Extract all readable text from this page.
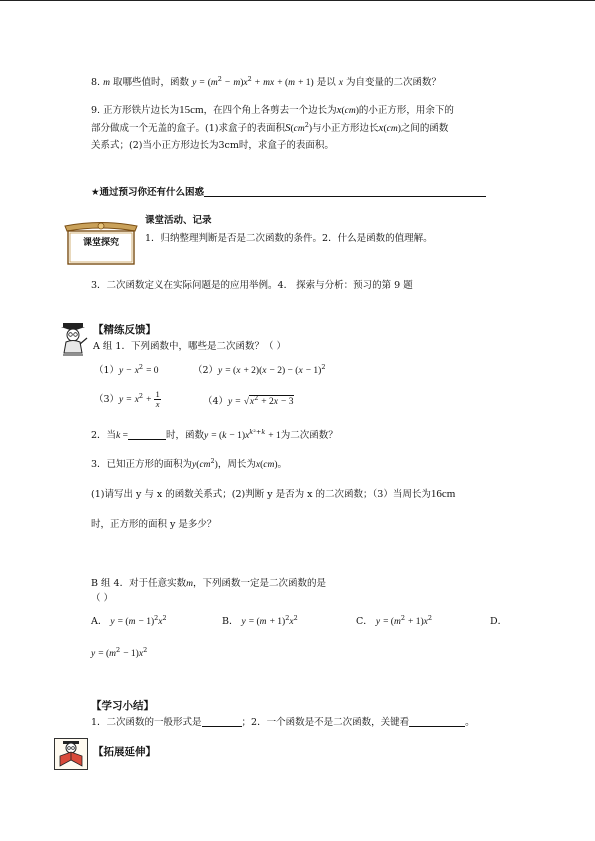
8. m 取哪些值时，函数 $y = (m^2 - m)x^2$ + mx + (m + 1) 是以 x 为自变量的二次函数？
9. 正方形铁片边长为15cm，在四个角上各剪去一个边长为x(cm)的小正方形，用余下的
部分做成一个无盖的盒子。(1)求盒子的表面积$S(cm^2)$与小正方形边长x(cm)之间的函数
关系式；(2)当小正方形边长为3cm时，求盒子的表面积。
★通过预习你还有什么困惑
课堂探究
课堂活动、记录
1．归纳整理判断是否是二次函数的条件。2．什么是函数的值理解。
3．二次函数定义在实际问题是的应用举例。4． 探索与分析：预习的第 9 题
【精练反馈】
A 组 1．下列函数中，哪些是二次函数？（ ）
$(1)y - x^2 = 0$	$(2)y = (x + 2)(x - 2) - (x - 1)^2$
$(3)y = x^2 + \frac{1}{x}$	$(4)y = √x^2 + 2x - 3$
2．当k =	时，函数$y = (k - 1)x^{k^2+k} + 1$为二次函数？
3．已知正方形的面积为$y(cm^2)$，周长为x(cm)。
(1)请写出 y 与 x 的函数关系式；(2)判断 y 是否为 x 的二次函数；（3）当周长为16cm
时，正方形的面积 y 是多少？
B 组 4．对于任意实数m，下列函数一定是二次函数的是
（ ）
A． $y = (m - 1)^2x^2$	B． $y = (m + 1)^2x^2$	C． $y = (m^2 + 1)x^2$	D．
$y = (m^2 - 1)x^2$
【学习小结】
1．二次函数的一般形式是	；2．一个函数是不是二次函数，关键看	。
【拓展延伸】
